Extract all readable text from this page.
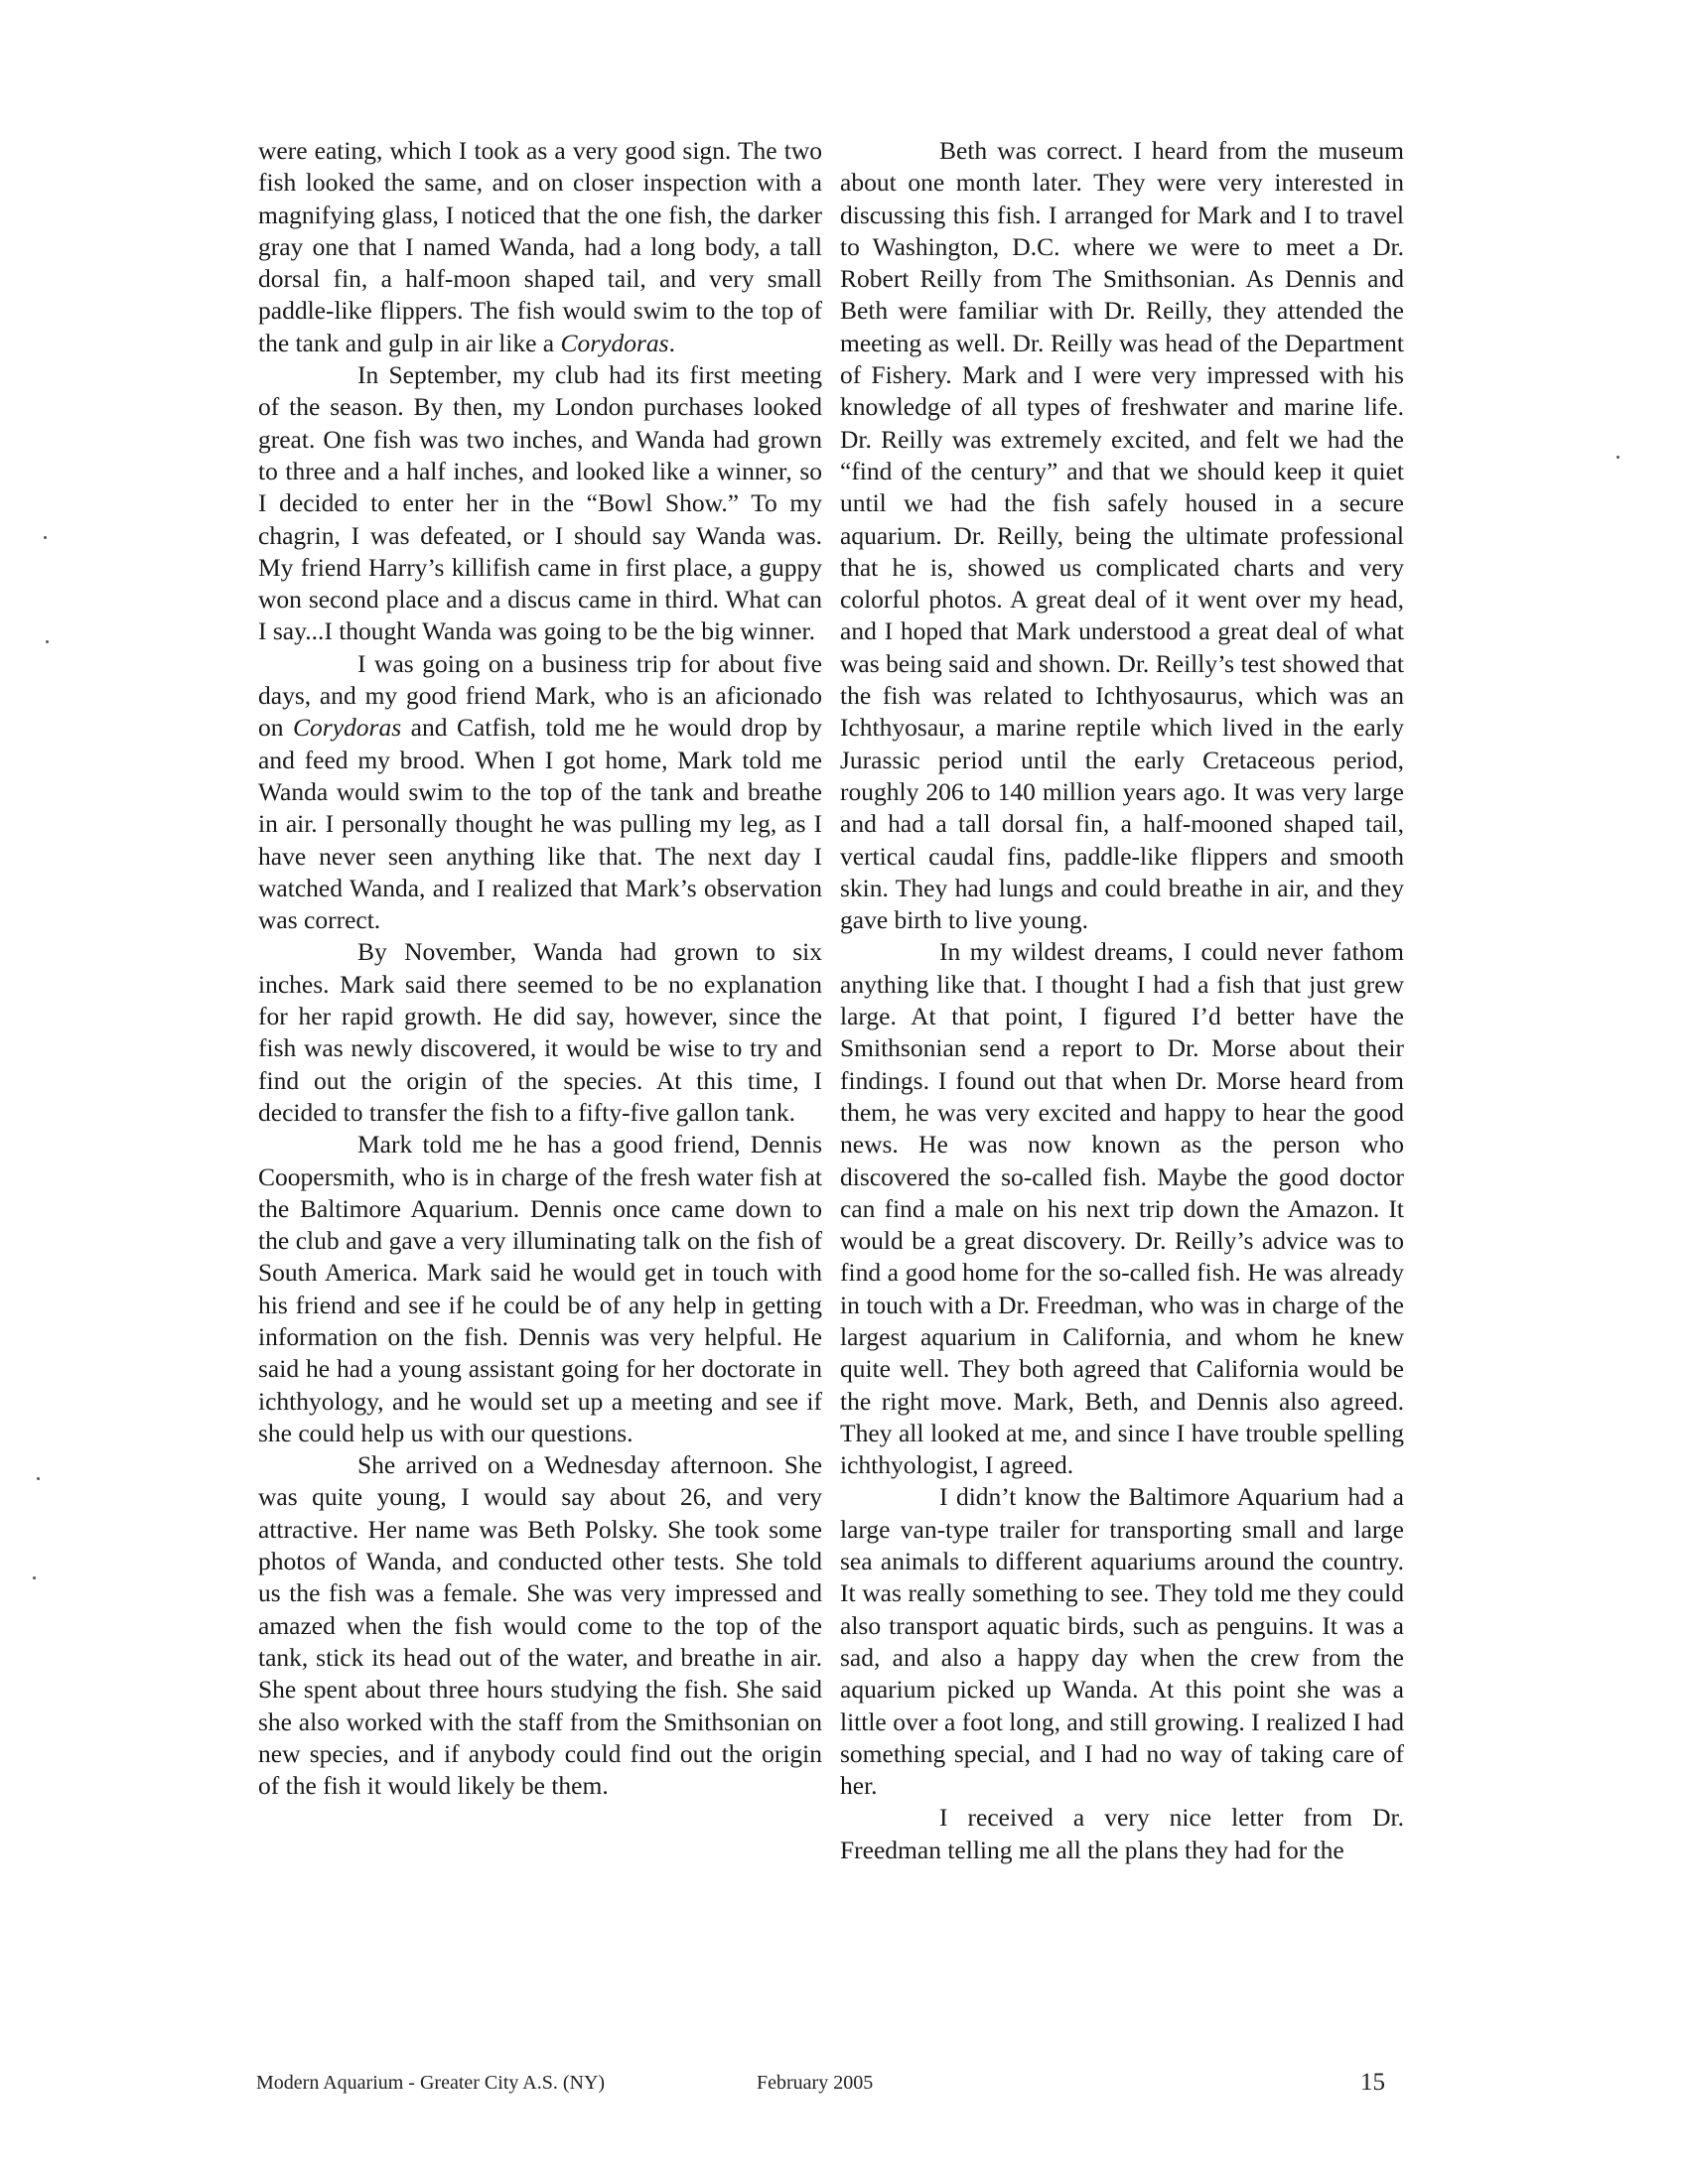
were eating, which I took as a very good sign. The two fish looked the same, and on closer inspection with a magnifying glass, I noticed that the one fish, the darker gray one that I named Wanda, had a long body, a tall dorsal fin, a half-moon shaped tail, and very small paddle-like flippers. The fish would swim to the top of the tank and gulp in air like a Corydoras.

In September, my club had its first meeting of the season. By then, my London purchases looked great. One fish was two inches, and Wanda had grown to three and a half inches, and looked like a winner, so I decided to enter her in the “Bowl Show.” To my chagrin, I was defeated, or I should say Wanda was. My friend Harry’s killifish came in first place, a guppy won second place and a discus came in third. What can I say...I thought Wanda was going to be the big winner.

I was going on a business trip for about five days, and my good friend Mark, who is an aficionado on Corydoras and Catfish, told me he would drop by and feed my brood. When I got home, Mark told me Wanda would swim to the top of the tank and breathe in air. I personally thought he was pulling my leg, as I have never seen anything like that. The next day I watched Wanda, and I realized that Mark’s observation was correct.

By November, Wanda had grown to six inches. Mark said there seemed to be no explanation for her rapid growth. He did say, however, since the fish was newly discovered, it would be wise to try and find out the origin of the species. At this time, I decided to transfer the fish to a fifty-five gallon tank.

Mark told me he has a good friend, Dennis Coopersmith, who is in charge of the fresh water fish at the Baltimore Aquarium. Dennis once came down to the club and gave a very illuminating talk on the fish of South America. Mark said he would get in touch with his friend and see if he could be of any help in getting information on the fish. Dennis was very helpful. He said he had a young assistant going for her doctorate in ichthyology, and he would set up a meeting and see if she could help us with our questions.

She arrived on a Wednesday afternoon. She was quite young, I would say about 26, and very attractive. Her name was Beth Polsky. She took some photos of Wanda, and conducted other tests. She told us the fish was a female. She was very impressed and amazed when the fish would come to the top of the tank, stick its head out of the water, and breathe in air. She spent about three hours studying the fish. She said she also worked with the staff from the Smithsonian on new species, and if anybody could find out the origin of the fish it would likely be them.

Beth was correct. I heard from the museum about one month later. They were very interested in discussing this fish. I arranged for Mark and I to travel to Washington, D.C. where we were to meet a Dr. Robert Reilly from The Smithsonian. As Dennis and Beth were familiar with Dr. Reilly, they attended the meeting as well. Dr. Reilly was head of the Department of Fishery. Mark and I were very impressed with his knowledge of all types of freshwater and marine life. Dr. Reilly was extremely excited, and felt we had the “find of the century” and that we should keep it quiet until we had the fish safely housed in a secure aquarium. Dr. Reilly, being the ultimate professional that he is, showed us complicated charts and very colorful photos. A great deal of it went over my head, and I hoped that Mark understood a great deal of what was being said and shown. Dr. Reilly’s test showed that the fish was related to Ichthyosaurus, which was an Ichthyosaur, a marine reptile which lived in the early Jurassic period until the early Cretaceous period, roughly 206 to 140 million years ago. It was very large and had a tall dorsal fin, a half-mooned shaped tail, vertical caudal fins, paddle-like flippers and smooth skin. They had lungs and could breathe in air, and they gave birth to live young.

In my wildest dreams, I could never fathom anything like that. I thought I had a fish that just grew large. At that point, I figured I’d better have the Smithsonian send a report to Dr. Morse about their findings. I found out that when Dr. Morse heard from them, he was very excited and happy to hear the good news. He was now known as the person who discovered the so-called fish. Maybe the good doctor can find a male on his next trip down the Amazon. It would be a great discovery. Dr. Reilly’s advice was to find a good home for the so-called fish. He was already in touch with a Dr. Freedman, who was in charge of the largest aquarium in California, and whom he knew quite well. They both agreed that California would be the right move. Mark, Beth, and Dennis also agreed. They all looked at me, and since I have trouble spelling ichthyologist, I agreed.

I didn’t know the Baltimore Aquarium had a large van-type trailer for transporting small and large sea animals to different aquariums around the country. It was really something to see. They told me they could also transport aquatic birds, such as penguins. It was a sad, and also a happy day when the crew from the aquarium picked up Wanda. At this point she was a little over a foot long, and still growing. I realized I had something special, and I had no way of taking care of her.

I received a very nice letter from Dr. Freedman telling me all the plans they had for the

Modern Aquarium - Greater City A.S. (NY)	February 2005	15
